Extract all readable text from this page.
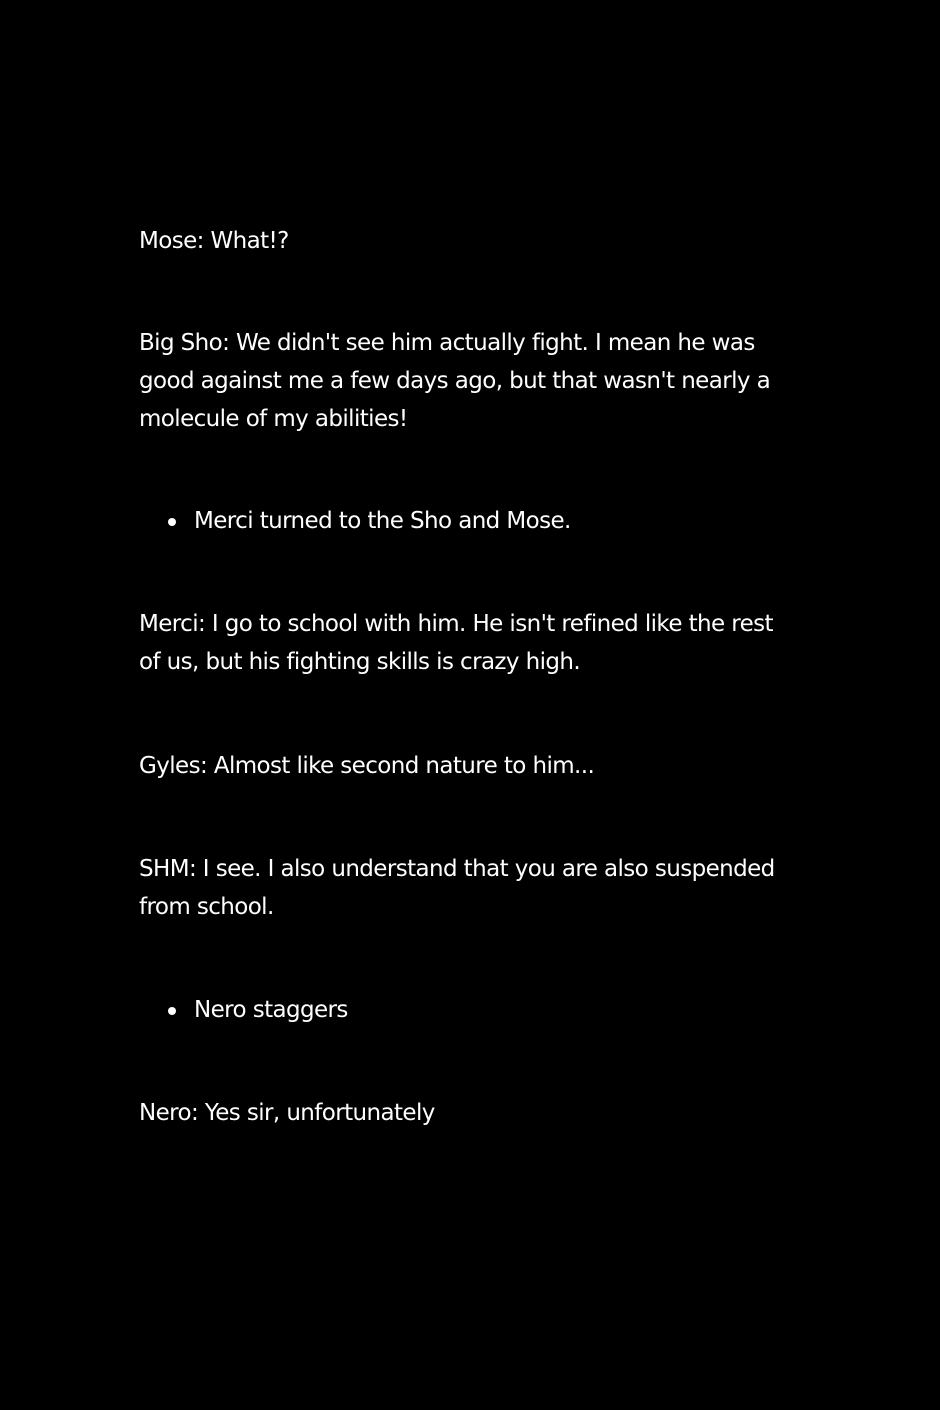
Mose: What!?

Big Sho: We didn't see him actually fight. I mean he was good against me a few days ago, but that wasn't nearly a molecule of my abilities!

Merci turned to the Sho and Mose.

Merci: I go to school with him. He isn't refined like the rest of us, but his fighting skills is crazy high.

Gyles: Almost like second nature to him...

SHM: I see. I also understand that you are also suspended from school.

Nero staggers

Nero: Yes sir, unfortunately
